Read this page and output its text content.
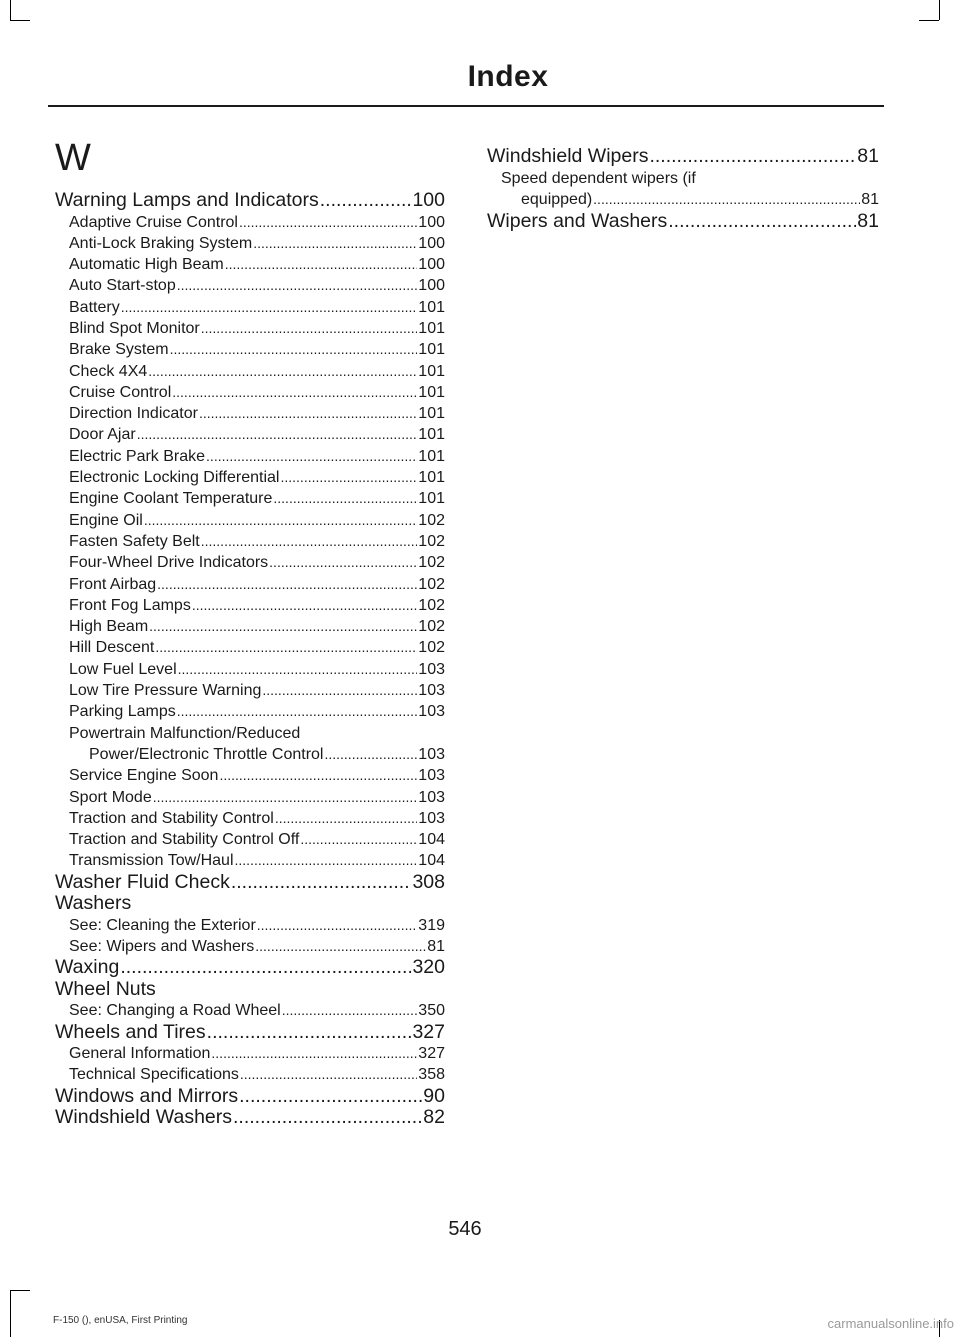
Index
W
Warning Lamps and Indicators .....	100
Adaptive Cruise Control .....	100
Anti-Lock Braking System .....	100
Automatic High Beam .....	100
Auto Start-stop .....	100
Battery .....	101
Blind Spot Monitor .....	101
Brake System .....	101
Check 4X4 .....	101
Cruise Control .....	101
Direction Indicator .....	101
Door Ajar .....	101
Electric Park Brake .....	101
Electronic Locking Differential .....	101
Engine Coolant Temperature .....	101
Engine Oil .....	102
Fasten Safety Belt .....	102
Four-Wheel Drive Indicators .....	102
Front Airbag .....	102
Front Fog Lamps .....	102
High Beam .....	102
Hill Descent .....	102
Low Fuel Level .....	103
Low Tire Pressure Warning .....	103
Parking Lamps .....	103
Powertrain Malfunction/Reduced
Power/Electronic Throttle Control .....	103
Service Engine Soon .....	103
Sport Mode .....	103
Traction and Stability Control .....	103
Traction and Stability Control Off .....	104
Transmission Tow/Haul .....	104
Washer Fluid Check .....	308
Washers
See: Cleaning the Exterior .....	319
See: Wipers and Washers .....	81
Waxing .....	320
Wheel Nuts
See: Changing a Road Wheel .....	350
Wheels and Tires .....	327
General Information .....	327
Technical Specifications .....	358
Windows and Mirrors .....	90
Windshield Washers .....	82
Windshield Wipers .....	81
Speed dependent wipers (if
equipped) .....	81
Wipers and Washers .....	81
546
F-150 (), enUSA, First Printing	carmanualsonline.info
